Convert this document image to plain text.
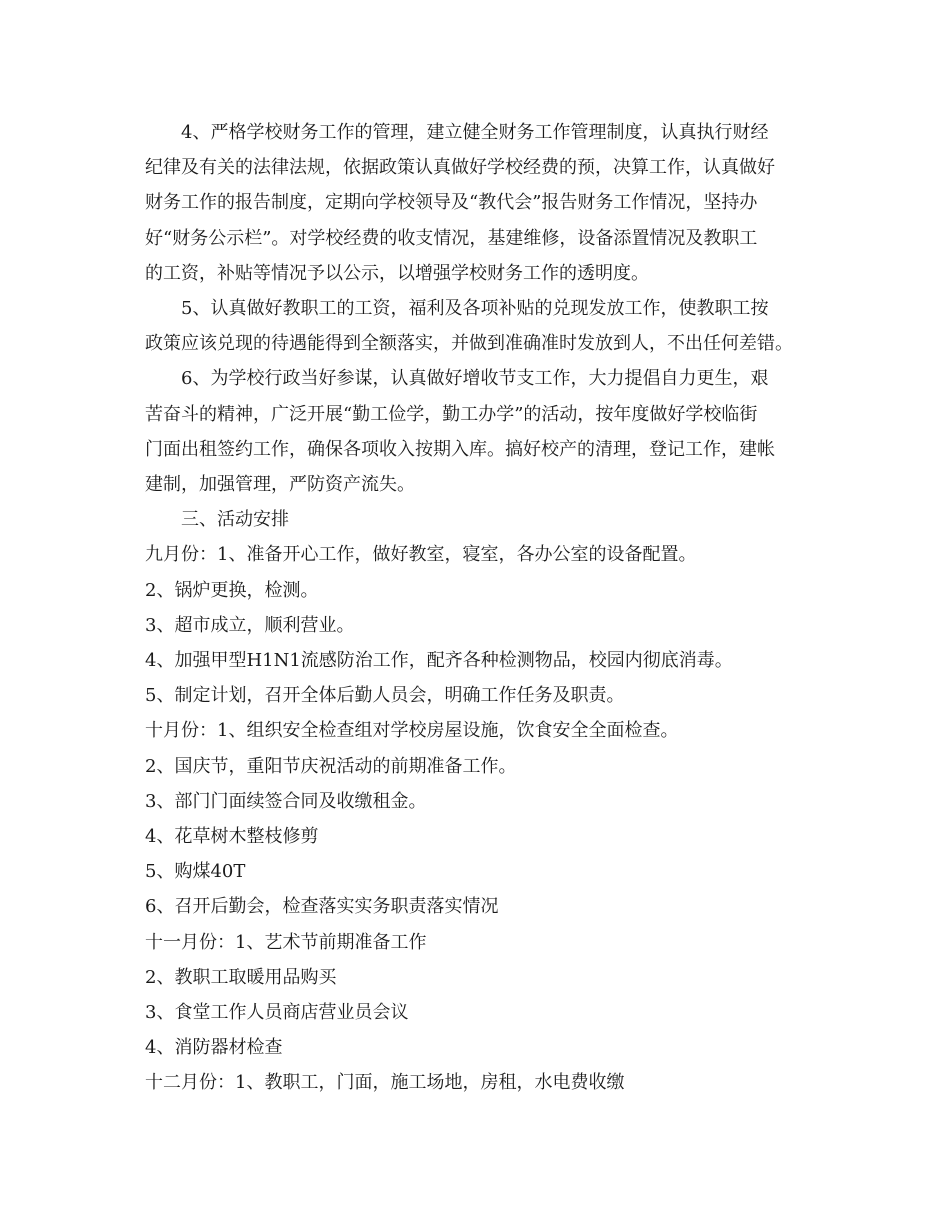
4、严格学校财务工作的管理，建立健全财务工作管理制度，认真执行财经
纪律及有关的法律法规，依据政策认真做好学校经费的预，决算工作，认真做好
财务工作的报告制度，定期向学校领导及“教代会”报告财务工作情况，坚持办
好“财务公示栏”。对学校经费的收支情况，基建维修，设备添置情况及教职工
的工资，补贴等情况予以公示，以增强学校财务工作的透明度。

5、认真做好教职工的工资，福利及各项补贴的兑现发放工作，使教职工按
政策应该兑现的待遇能得到全额落实，并做到准确准时发放到人，不出任何差错。

6、为学校行政当好参谋，认真做好增收节支工作，大力提倡自力更生，艰
苦奋斗的精神，广泛开展“勤工俭学，勤工办学”的活动，按年度做好学校临街
门面出租签约工作，确保各项收入按期入库。搞好校产的清理，登记工作，建帐
建制，加强管理，严防资产流失。

三、活动安排

九月份：1、准备开心工作，做好教室，寝室，各办公室的设备配置。

2、锅炉更换，检测。

3、超市成立，顺利营业。

4、加强甲型H1N1流感防治工作，配齐各种检测物品，校园内彻底消毒。

5、制定计划，召开全体后勤人员会，明确工作任务及职责。

十月份：1、组织安全检查组对学校房屋设施，饮食安全全面检查。

2、国庆节，重阳节庆祝活动的前期准备工作。

3、部门门面续签合同及收缴租金。

4、花草树木整枝修剪

5、购煤40T

6、召开后勤会，检查落实实务职责落实情况

十一月份：1、艺术节前期准备工作

2、教职工取暖用品购买

3、食堂工作人员商店营业员会议

4、消防器材检查

十二月份：1、教职工，门面，施工场地，房租，水电费收缴
